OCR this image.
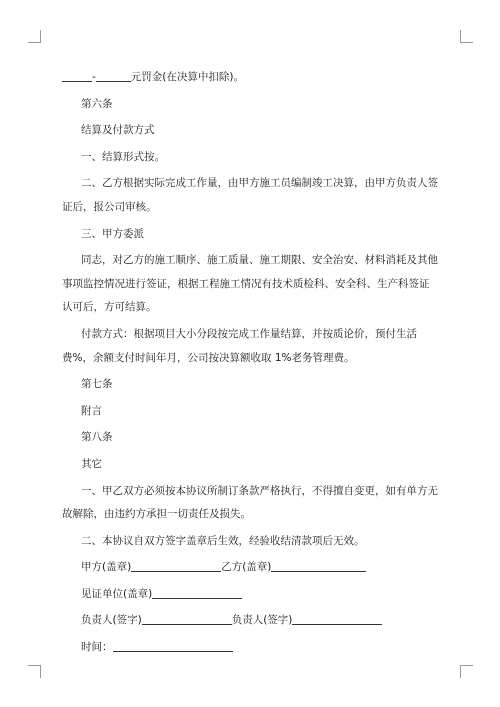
-	元罚金(在决算中扣除)。

第六条

结算及付款方式

一、结算形式按。

二、乙方根据实际完成工作量，由甲方施工员编制竣工决算，由甲方负责人签证后，报公司审核。

三、甲方委派

同志，对乙方的施工顺序、施工质量、施工期限、安全治安、材料消耗及其他事项监控情况进行签证，根据工程施工情况有技术质检科、安全科、生产科签证认可后，方可结算。

付款方式：根据项目大小分段按完成工作量结算，并按质论价，预付生活费%，余额支付时间年月，公司按决算额收取 1%老务管理费。

第七条

附言

第八条

其它

一、甲乙双方必须按本协议所制订条款严格执行，不得擅自变更，如有单方无故解除，由违约方承担一切责任及损失。

二、本协议自双方签字盖章后生效，经验收结清款项后无效。

甲方(盖章)	乙方(盖章)

见证单位(盖章)

负责人(签字)	负责人(签字)

时间：
